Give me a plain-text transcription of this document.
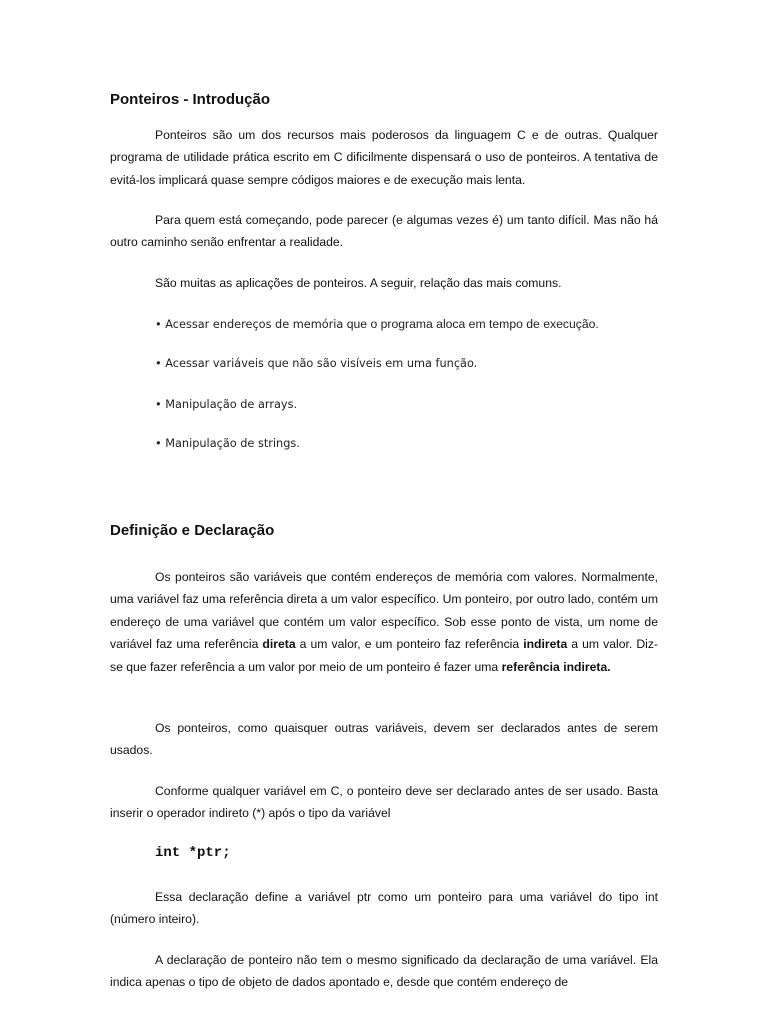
Ponteiros - Introdução

Ponteiros são um dos recursos mais poderosos da linguagem C e de outras. Qualquer programa de utilidade prática escrito em C dificilmente dispensará o uso de ponteiros. A tentativa de evitá-los implicará quase sempre códigos maiores e de execução mais lenta.

Para quem está começando, pode parecer (e algumas vezes é) um tanto difícil. Mas não há outro caminho senão enfrentar a realidade.

São muitas as aplicações de ponteiros. A seguir, relação das mais comuns.

• Acessar endereços de memória que o programa aloca em tempo de execução.
• Acessar variáveis que não são visíveis em uma função.
• Manipulação de arrays.
• Manipulação de strings.
Definição e Declaração

Os ponteiros são variáveis que contém endereços de memória com valores. Normalmente, uma variável faz uma referência direta a um valor específico. Um ponteiro, por outro lado, contém um endereço de uma variável que contém um valor específico. Sob esse ponto de vista, um nome de variável faz uma referência direta a um valor, e um ponteiro faz referência indireta a um valor. Diz-se que fazer referência a um valor por meio de um ponteiro é fazer uma referência indireta.

Os ponteiros, como quaisquer outras variáveis, devem ser declarados antes de serem usados.

Conforme qualquer variável em C, o ponteiro deve ser declarado antes de ser usado. Basta inserir o operador indireto (*) após o tipo da variável

int *ptr;

Essa declaração define a variável ptr como um ponteiro para uma variável do tipo int (número inteiro).

A declaração de ponteiro não tem o mesmo significado da declaração de uma variável. Ela indica apenas o tipo de objeto de dados apontado e, desde que contém endereço de
